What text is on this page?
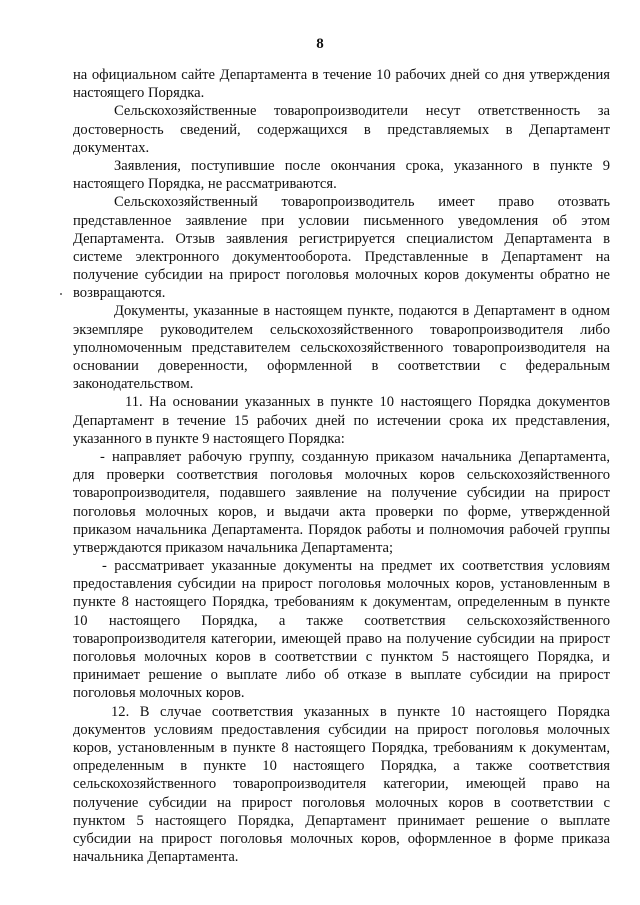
8
на официальном сайте Департамента в течение 10 рабочих дней со дня утверждения
настоящего Порядка.
Сельскохозяйственные товаропроизводители несут ответственность за
достоверность сведений, содержащихся в представляемых в Департамент
документах.
Заявления, поступившие после окончания срока, указанного в пункте 9
настоящего Порядка, не рассматриваются.
Сельскохозяйственный товаропроизводитель имеет право отозвать
представленное заявление при условии письменного уведомления об этом
Департамента. Отзыв заявления регистрируется специалистом Департамента в
системе электронного документооборота. Представленные в Департамент на
получение субсидии на прирост поголовья молочных коров документы обратно не
возвращаются.
Документы, указанные в настоящем пункте, подаются в Департамент в одном
экземпляре руководителем сельскохозяйственного товаропроизводителя либо
уполномоченным представителем сельскохозяйственного товаропроизводителя на
основании доверенности, оформленной в соответствии с федеральным
законодательством.
11. На основании указанных в пункте 10 настоящего Порядка документов
Департамент в течение 15 рабочих дней по истечении срока их представления,
указанного в пункте 9 настоящего Порядка:
- направляет рабочую группу, созданную приказом начальника Департамента,
для проверки соответствия поголовья молочных коров сельскохозяйственного
товаропроизводителя, подавшего заявление на получение субсидии на прирост
поголовья молочных коров, и выдачи акта проверки по форме, утвержденной
приказом начальника Департамента. Порядок работы и полномочия рабочей группы
утверждаются приказом начальника Департамента;
- рассматривает указанные документы на предмет их соответствия условиям
предоставления субсидии на прирост поголовья молочных коров, установленным в
пункте 8 настоящего Порядка, требованиям к документам, определенным в пункте
10 настоящего Порядка, а также соответствия сельскохозяйственного
товаропроизводителя категории, имеющей право на получение субсидии на прирост
поголовья молочных коров в соответствии с пунктом 5 настоящего Порядка, и
принимает решение о выплате либо об отказе в выплате субсидии на прирост
поголовья молочных коров.
12. В случае соответствия указанных в пункте 10 настоящего Порядка
документов условиям предоставления субсидии на прирост поголовья молочных
коров, установленным в пункте 8 настоящего Порядка, требованиям к документам,
определенным в пункте 10 настоящего Порядка, а также соответствия
сельскохозяйственного товаропроизводителя категории, имеющей право на
получение субсидии на прирост поголовья молочных коров в соответствии с
пунктом 5 настоящего Порядка, Департамент принимает решение о выплате
субсидии на прирост поголовья молочных коров, оформленное в форме приказа
начальника Департамента.
